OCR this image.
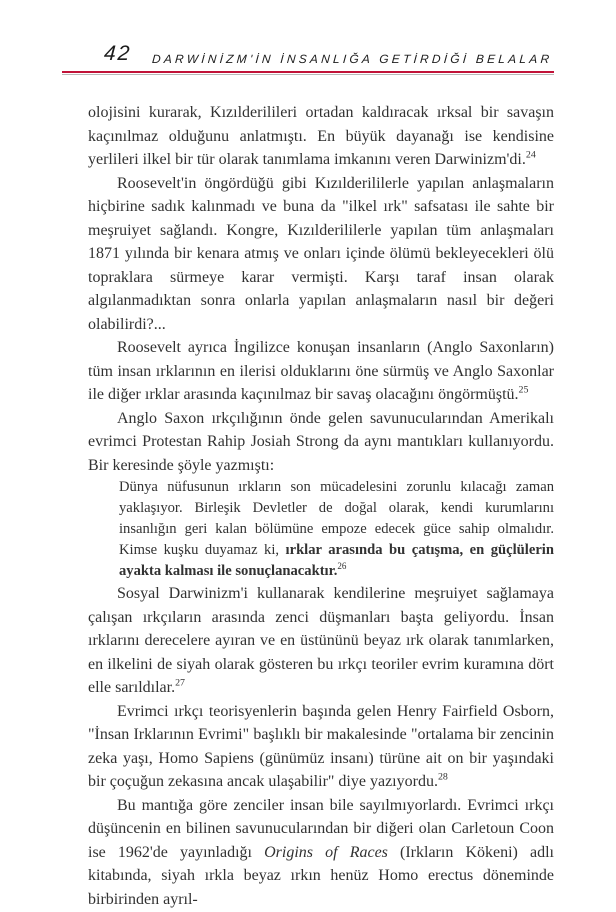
42 DARWİNİZM'İN İNSANLIĞA GETİRDİĞİ BELALAR

olojisini kurarak, Kızılderilileri ortadan kaldıracak ırksal bir savaşın kaçınılmaz olduğunu anlatmıştı. En büyük dayanağı ise kendisine yerlileri ilkel bir tür olarak tanımlama imkanını veren Darwinizm'di.$^{24}$

Roosevelt'in öngördüğü gibi Kızılderililerle yapılan anlaşmaların hiçbirine sadık kalınmadı ve buna da "ilkel ırk" safsatası ile sahte bir meşruiyet sağlandı. Kongre, Kızılderililerle yapılan tüm anlaşmaları 1871 yılında bir kenara atmış ve onları içinde ölümü bekleyecekleri ölü topraklara sürmeye karar vermişti. Karşı taraf insan olarak algılanmadıktan sonra onlarla yapılan anlaşmaların nasıl bir değeri olabilirdi?...

Roosevelt ayrıca İngilizce konuşan insanların (Anglo Saxonların) tüm insan ırklarının en ilerisi olduklarını öne sürmüş ve Anglo Saxonlar ile diğer ırklar arasında kaçınılmaz bir savaş olacağını öngörmüştü.$^{25}$

Anglo Saxon ırkçılığının önde gelen savunucularından Amerikalı evrimci Protestan Rahip Josiah Strong da aynı mantıkları kullanıyordu. Bir keresinde şöyle yazmıştı:

Dünya nüfusunun ırkların son mücadelesini zorunlu kılacağı zaman yaklaşıyor. Birleşik Devletler de doğal olarak, kendi kurumlarını insanlığın geri kalan bölümüne empoze edecek güce sahip olmalıdır. Kimse kuşku duyamaz ki, ırklar arasında bu çatışma, en güçlülerin ayakta kalması ile sonuçlanacaktır.$^{26}$

Sosyal Darwinizm'i kullanarak kendilerine meşruiyet sağlamaya çalışan ırkçıların arasında zenci düşmanları başta geliyordu. İnsan ırklarını derecelere ayıran ve en üstününü beyaz ırk olarak tanımlarken, en ilkelini de siyah olarak gösteren bu ırkçı teoriler evrim kuramına dört elle sarıldılar.$^{27}$

Evrimci ırkçı teorisyenlerin başında gelen Henry Fairfield Osborn, "İnsan Irklarının Evrimi" başlıklı bir makalesinde "ortalama bir zencinin zeka yaşı, Homo Sapiens (günümüz insanı) türüne ait on bir yaşındaki bir çoçuğun zekasına ancak ulaşabilir" diye yazıyordu.$^{28}$

Bu mantığa göre zenciler insan bile sayılmıyorlardı. Evrimci ırkçı düşüncenin en bilinen savunucularından bir diğeri olan Carletoun Coon ise 1962'de yayınladığı Origins of Races (Irkların Kökeni) adlı kitabında, siyah ırkla beyaz ırkın henüz Homo erectus döneminde birbirinden ayrıl-
